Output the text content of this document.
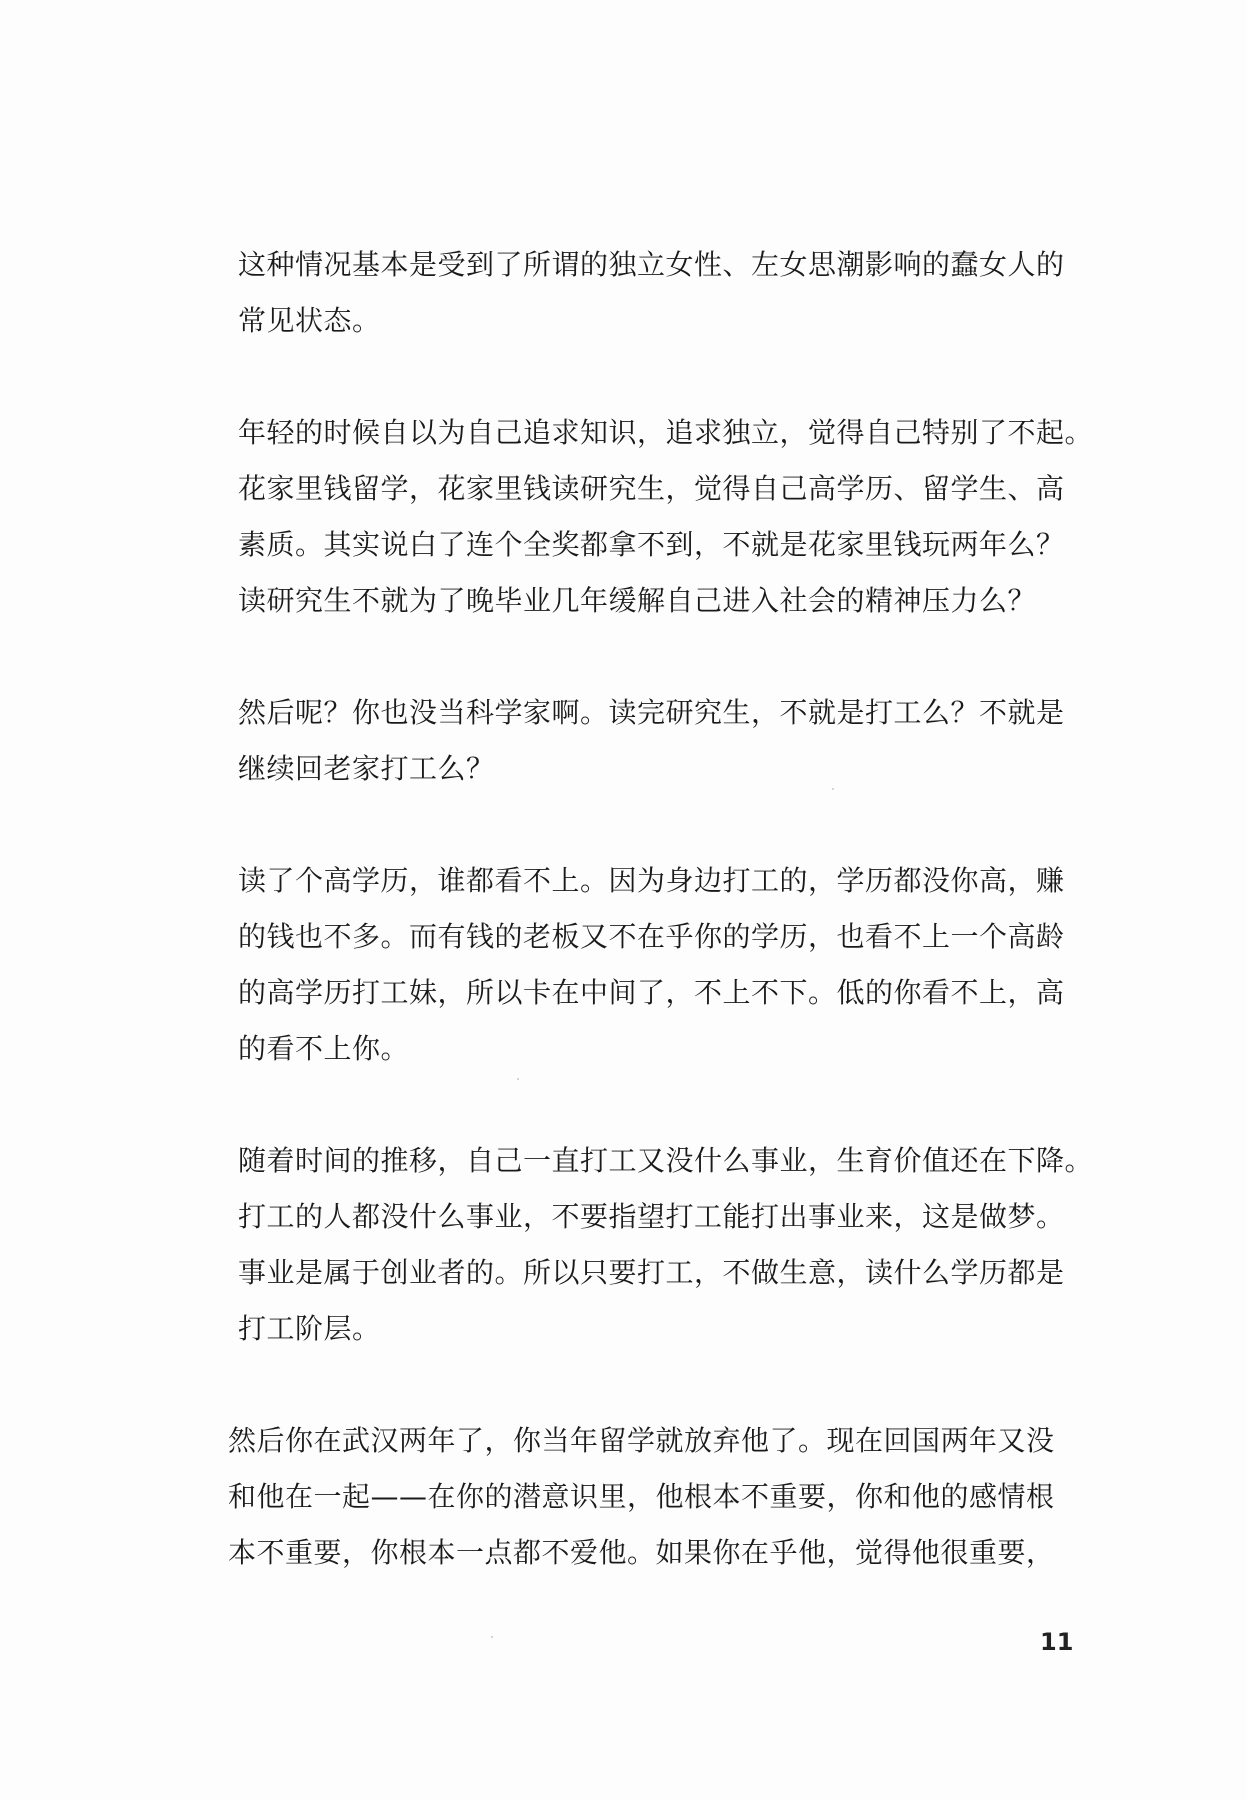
这种情况基本是受到了所谓的独立女性、左女思潮影响的蠢女人的
常见状态。
年轻的时候自以为自己追求知识，追求独立，觉得自己特别了不起。
花家里钱留学，花家里钱读研究生，觉得自己高学历、留学生、高
素质。其实说白了连个全奖都拿不到，不就是花家里钱玩两年么？
读研究生不就为了晚毕业几年缓解自己进入社会的精神压力么？
然后呢？你也没当科学家啊。读完研究生，不就是打工么？不就是
继续回老家打工么？
读了个高学历，谁都看不上。因为身边打工的，学历都没你高，赚
的钱也不多。而有钱的老板又不在乎你的学历，也看不上一个高龄
的高学历打工妹，所以卡在中间了，不上不下。低的你看不上，高
的看不上你。
随着时间的推移，自己一直打工又没什么事业，生育价值还在下降。
打工的人都没什么事业，不要指望打工能打出事业来，这是做梦。
事业是属于创业者的。所以只要打工，不做生意，读什么学历都是
打工阶层。
然后你在武汉两年了，你当年留学就放弃他了。现在回国两年又没
和他在一起——在你的潜意识里，他根本不重要，你和他的感情根
本不重要，你根本一点都不爱他。如果你在乎他，觉得他很重要，
11
